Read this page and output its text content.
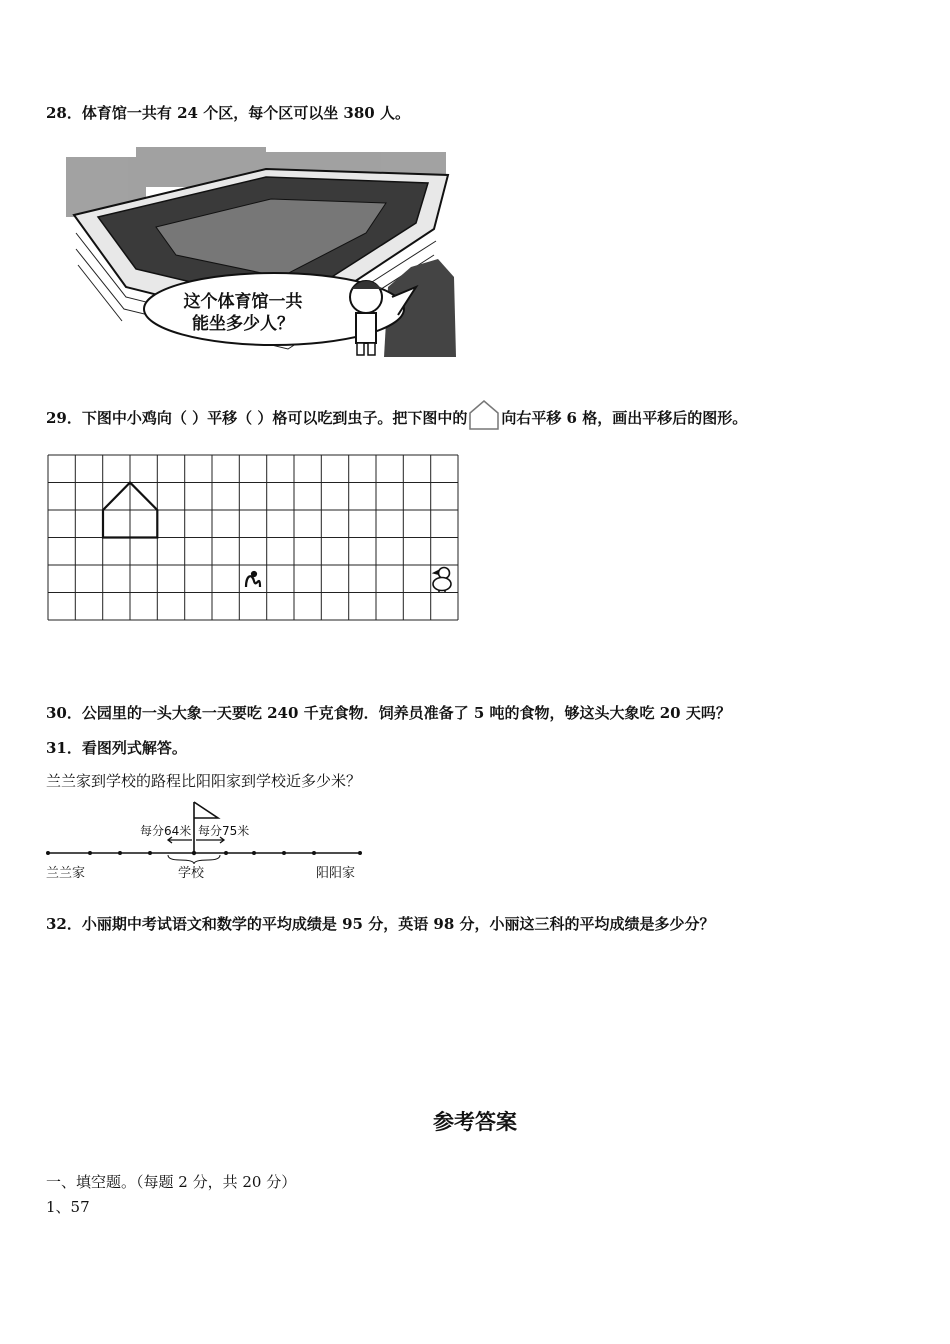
28．体育馆一共有 24 个区，每个区可以坐 380 人。
这个体育馆一共
能坐多少人？
29．下图中小鸡向（ ）平移（ ）格可以吃到虫子。把下图中的 向右平移 6 格，画出平移后的图形。
30．公园里的一头大象一天要吃 240 千克食物．饲养员准备了 5 吨的食物，够这头大象吃 20 天吗？
31．看图列式解答。
兰兰家到学校的路程比阳阳家到学校近多少米？
每分64米 每分75米
兰兰家	学校	阳阳家
32．小丽期中考试语文和数学的平均成绩是 95 分，英语 98 分，小丽这三科的平均成绩是多少分？
参考答案
一、填空题。（每题 2 分，共 20 分）
1、57
